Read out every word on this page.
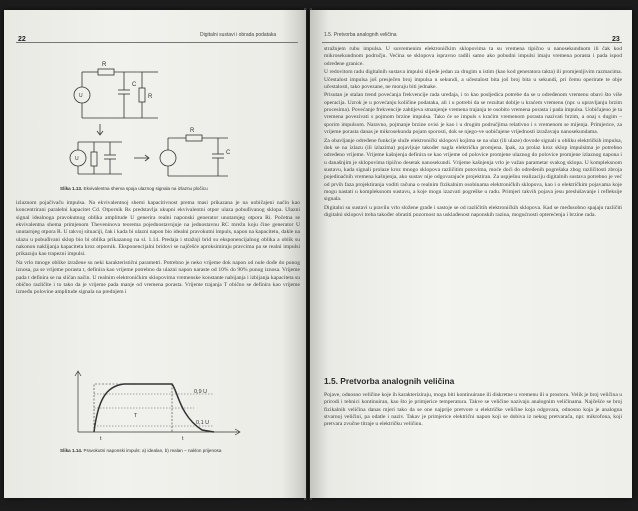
22
Digitalni sustavi i obrada podataka
R
C
R
U
U
R
C
Slika 1.13. Ekvivalentna shema spoja ulaznog signala na izlaznu pločicu

izlaznom pojačivaču impulsa. Na ekvivalentnoj shemi kapacitivnost prema masi prikazana je na uobičajeni način kao koncentrirani paralelni kapacitet Cd. Otpornik Rs predstavlja ukupni ekvivalentni otpor ulaza pobuđivanog sklopa. Ulazni signal idealnoga pravokutnog oblika amplitude U generira realni naponski generator unutarnjeg otpora Ri. Početna se ekvivalentna shema primjenom Theveninova teorema pojednostavnjuje na jednostavnu RC mrežu koju čine generator U unutarnjeg otpora R. U takvoj situaciji, čak i kada bi ulazni napon bio idealni pravokutni impuls, napon na kapacitetu, dakle na ulazu u pobuđivani sklop bio bi oblika prikazanog na sl. 1.14. Predaja i stražnji brid su eksponencijalnog oblika a oblik su nakonon naklijanja kapaciteta kroz otpornik. Eksponencijalni bridovi se najčešće aproksimiraju pravcima pa se realni impulsi prikazuju kao trapezni impulsi.

Na vrlo mnoge oblike izražene su neki karakteristični parametri. Potrebno je neko vrijeme dok napon od nule dođe do punog iznosa, pa se vrijeme porasta t, definira kao vrijeme potrebno da ulazni napon naraste od 10% do 90% punog iznosa. Vrijeme pada t definira se na sličan način. U realnim elektroničkim sklopovima vremenske konstante nabijanja i izbijanja kapaciteta su obično različite i to tako da je vrijeme pada manje od vremena porasta. Vrijeme trajanja T obično se definira kao vrijeme između polovine amplitude signala na prednjem i

0,9 U
0,1 U
t
T
t
Slika 1.14. Pravokutni naponski impuls: a) idealan, b) realan – naklon prijenosa
1.5. Pretvorba analognih veličina
23

stražnjem rubu impulsa. U suvremenim elektroničkim sklopovima ta su vremena tipično u nanosekundnom ili čak kod mikrosekundnom području. Većina se sklopova ispravno radili samo ako pobudni impulsi imaju vremena porasta i pada ispod određene granice.

U redovitom radu digitalnih sustava impulsi slijede jedan za drugim u istim (kao kod generatora takta) ili promjenljivim razmacima. Učestalost impulsa još presječen broj impulsa u sekundi, a učestalost bita još broj bita u sekundi, pri čemu operirate te obje učestalosti, tako povezane, ne moraju biti jednake.

Prisutan je stalan trend povećanja frekvencije rada uređaja, i to kao posljedica potrebe da se u određenom vremenu obavi što više operacija. Uzrok je u povećanju količine podataka, ali i u potrebi da se rezultat dobije u kraćem vremenu (npr. u upravljanju brzim procesima). Povećanje frekvencije zahtijeva smanjenje vremena trajanja te osobito vremena porasta i pada impulsa. Uobičajeno je ta vremena povezivati s pojmom brzine impulsa. Tako će se impuls s kraćim vremenom porasta nazivati brzim, a onaj s dugim – sporim impulsom. Naravno, pojmanje brzine ovisi je kao i u drugim područjima relativno i s vremenom se mijenja. Primjerice, za vrijeme porasta danas je mikrosekunda pojam sporosti, dok se njego-ve uobičajene vrijednosti izražavaju nanosekundama.

Za obavljanje određene funkcije služe elektronički sklopovi kojima se na ulaz (ili ulaze) dovode signali u obliku električkih impulsa, dok se na izlazu (ili izlazima) pojavljuje također nagla električka promjena. Ipak, za prolaz kroz sklop impulsima je potrebno određeno vrijeme. Vrijeme kašnjenja definira se kao vrijeme od polovice promjene ulaznog do polovice promjene izlaznog napona i u današnjim je sklopovima tipično desetak nanosekundi. Vrijeme kašnjenja vrlo je važan parametar svakog sklopa. U kompleksnom sustavu, kada signali prolaze kroz mnogo sklopova različitim putovima, moće doći do određenih pogrešaka zbog različitosti zbroja pojedinačnih vremena kašnjenja, ako sustav nije odgovarajuće projektiran. Za uspješnu realizaciju digitalnih sustava potrebno je već od prvih faza projektiranja voditi računa o realnim fizikalnim osobinama elektroničkih sklopova, kao i o električkim pojavama koje mogu nastati u kompleksnom sustavu, a koje mogu izazvati pogreške u radu. Primjeri takvih pojava jesu preslušavanje i refleksije signala.

Digitalni su sustavi u pravilu vrlo složene građe i sastoje se od različitih elektroničkih sklopova. Kad se međusobno spajaju različiti digitalni sklopovi treba također obratiti pozornost na usklađenost naponskih razina, mogućnosti opterećenja i brzine rada.

1.5. Pretvorba analognih veličina

Pojave, odnosno veličine koje ih karakteriziraju, mogu biti kontinuirane ili diskretne u vremenu ili u prostoru. Velik je broj veličina u prirodi i tehnici kontinuiran, kao što je primjerice temperatura. Takve se veličine nazivaju analognim veličinama. Najčešće se broj fizikalnih veličina danas mjeri tako da se one najprije pretvore u električke veličine koja odgovara, odnosno koja je analogna stvarnoj veličini, pa odatle i naziv. Takav je primjerice električni napon koji se dobiva iz nekog pretvarača, npr. mikrofona, koji pretvara zvučne titraje u električku veličinu.
